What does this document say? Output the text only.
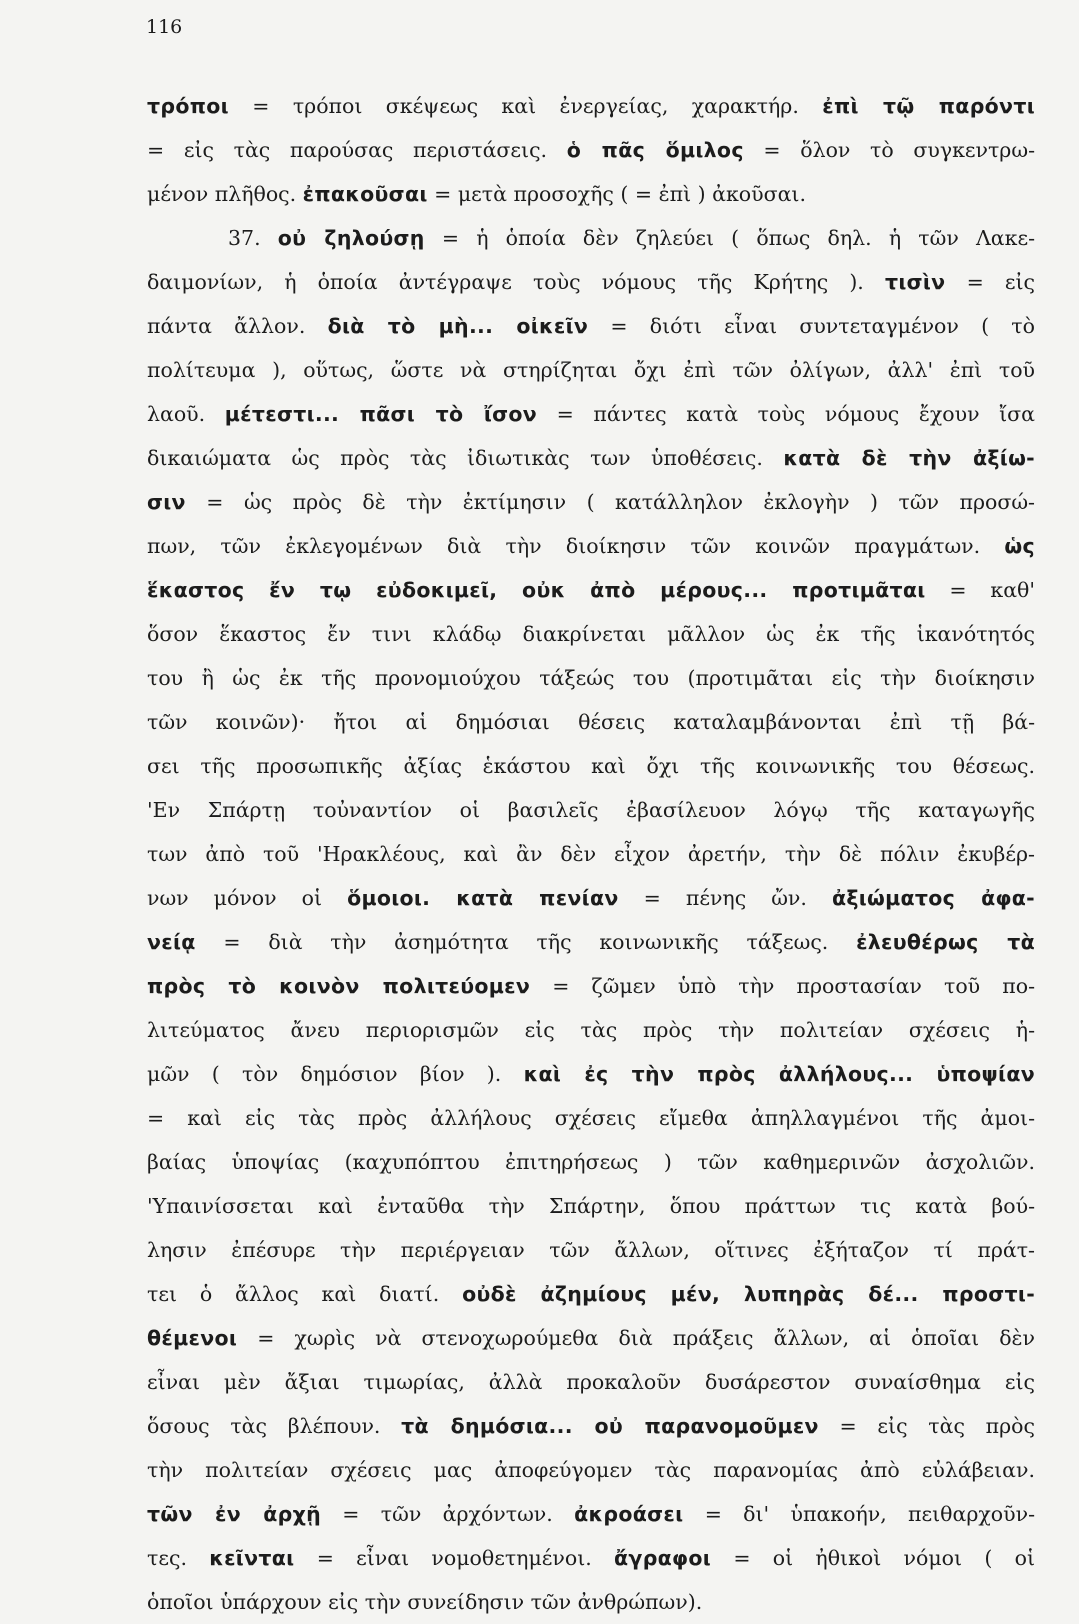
116
τρόποι = τρόποι σκέψεως καὶ ἐνεργείας, χαρακτήρ. ἐπὶ τῷ παρόντι
= εἰς τὰς παρούσας περιστάσεις. ὁ πᾶς ὅμιλος = ὅλον τὸ συγκεντρω-
μένον πλῆθος. ἐπακοῦσαι = μετὰ προσοχῆς ( = ἐπὶ ) ἀκοῦσαι.
37. οὐ ζηλούσῃ = ἡ ὁποία δὲν ζηλεύει ( ὅπως δηλ. ἡ τῶν Λακε-
δαιμονίων, ἡ ὁποία ἀντέγραψε τοὺς νόμους τῆς Κρήτης ). τισὶν = εἰς
πάντα ἄλλον. διὰ τὸ μὴ... οἰκεῖν = διότι εἶναι συντεταγμένον ( τὸ
πολίτευμα ), οὕτως, ὥστε νὰ στηρίζηται ὄχι ἐπὶ τῶν ὀλίγων, ἀλλ' ἐπὶ τοῦ
λαοῦ. μέτεστι... πᾶσι τὸ ἴσον = πάντες κατὰ τοὺς νόμους ἔχουν ἴσα
δικαιώματα ὡς πρὸς τὰς ἰδιωτικὰς των ὑποθέσεις. κατὰ δὲ τὴν ἀξίω-
σιν = ὡς πρὸς δὲ τὴν ἐκτίμησιν ( κατάλληλον ἐκλογὴν ) τῶν προσώ-
πων, τῶν ἐκλεγομένων διὰ τὴν διοίκησιν τῶν κοινῶν πραγμάτων. ὡς
ἕκαστος ἔν τῳ εὐδοκιμεῖ, οὐκ ἀπὸ μέρους... προτιμᾶται = καθ'
ὅσον ἕκαστος ἔν τινι κλάδῳ διακρίνεται μᾶλλον ὡς ἐκ τῆς ἱκανότητός
του ἢ ὡς ἐκ τῆς προνομιούχου τάξεώς του (προτιμᾶται εἰς τὴν διοίκησιν
τῶν κοινῶν)· ἤτοι αἱ δημόσιαι θέσεις καταλαμβάνονται ἐπὶ τῇ βά-
σει τῆς προσωπικῆς ἀξίας ἑκάστου καὶ ὄχι τῆς κοινωνικῆς του θέσεως.
'Εν Σπάρτῃ τοὐναντίον οἱ βασιλεῖς ἐβασίλευον λόγῳ τῆς καταγωγῆς
των ἀπὸ τοῦ 'Ηρακλέους, καὶ ἂν δὲν εἶχον ἀρετήν, τὴν δὲ πόλιν ἐκυβέρ-
νων μόνον οἱ ὅμοιοι. κατὰ πενίαν = πένης ὤν. ἀξιώματος ἀφα-
νείᾳ = διὰ τὴν ἀσημότητα τῆς κοινωνικῆς τάξεως. ἐλευθέρως τὰ
πρὸς τὸ κοινὸν πολιτεύομεν = ζῶμεν ὑπὸ τὴν προστασίαν τοῦ πο-
λιτεύματος ἄνευ περιορισμῶν εἰς τὰς πρὸς τὴν πολιτείαν σχέσεις ἡ-
μῶν ( τὸν δημόσιον βίον ). καὶ ἐς τὴν πρὸς ἀλλήλους... ὑποψίαν
= καὶ εἰς τὰς πρὸς ἀλλήλους σχέσεις εἴμεθα ἀπηλλαγμένοι τῆς ἀμοι-
βαίας ὑποψίας (καχυπόπτου ἐπιτηρήσεως ) τῶν καθημερινῶν ἀσχολιῶν.
'Υπαινίσσεται καὶ ἐνταῦθα τὴν Σπάρτην, ὅπου πράττων τις κατὰ βού-
λησιν ἐπέσυρε τὴν περιέργειαν τῶν ἄλλων, οἵτινες ἐξήταζον τί πράτ-
τει ὁ ἄλλος καὶ διατί. οὐδὲ ἀζημίους μέν, λυπηρὰς δέ... προστι-
θέμενοι = χωρὶς νὰ στενοχωρούμεθα διὰ πράξεις ἄλλων, αἱ ὁποῖαι δὲν
εἶναι μὲν ἄξιαι τιμωρίας, ἀλλὰ προκαλοῦν δυσάρεστον συναίσθημα εἰς
ὅσους τὰς βλέπουν. τὰ δημόσια... οὐ παρανομοῦμεν = εἰς τὰς πρὸς
τὴν πολιτείαν σχέσεις μας ἀποφεύγομεν τὰς παρανομίας ἀπὸ εὐλάβειαν.
τῶν ἐν ἀρχῇ = τῶν ἀρχόντων. ἀκροάσει = δι' ὑπακοήν, πειθαρχοῦν-
τες. κεῖνται = εἶναι νομοθετημένοι. ἄγραφοι = οἱ ἠθικοὶ νόμοι ( οἱ
ὁποῖοι ὑπάρχουν εἰς τὴν συνείδησιν τῶν ἀνθρώπων).
